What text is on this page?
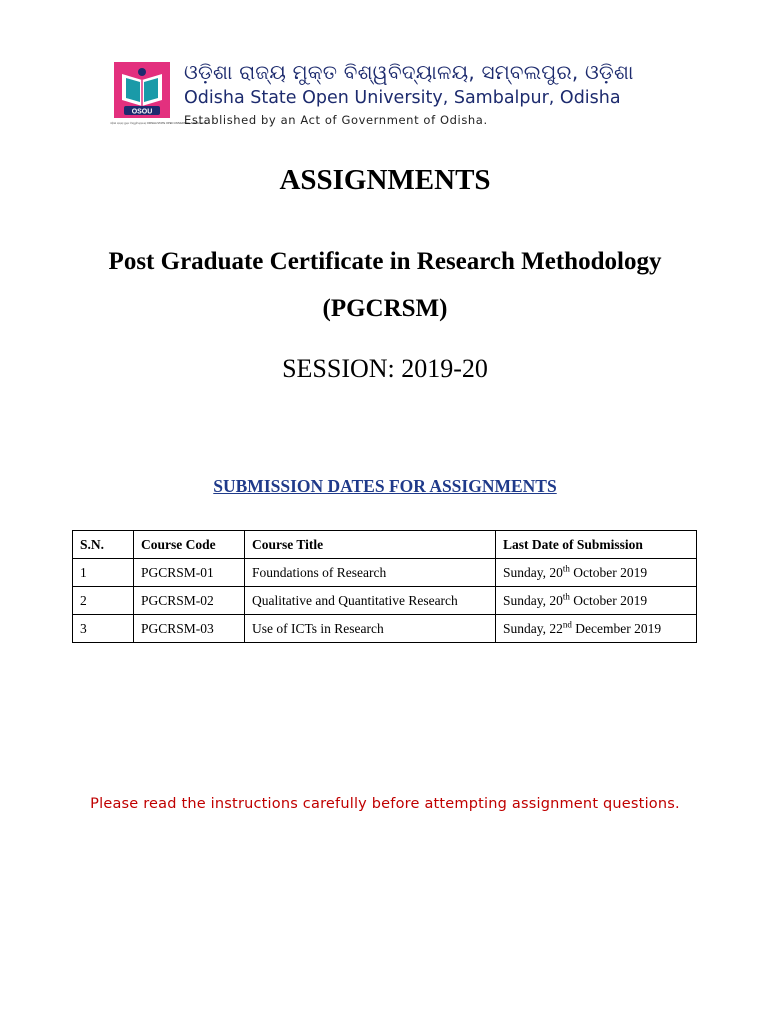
OSOU
ଓଡ଼ିଶା ରାଜ୍ୟ ମୁକ୍ତ ବିଶ୍ୱବିଦ୍ୟାଳୟ ODISHA STATE OPEN UNIVERSITY, SAMBALPUR
ଓଡ଼ିଶା ରାଜ୍ୟ ମୁକ୍ତ ବିଶ୍ୱବିଦ୍ୟାଳୟ, ସମ୍ବଲପୁର, ଓଡ଼ିଶା
Odisha State Open University, Sambalpur, Odisha
Established by an Act of Government of Odisha.
ASSIGNMENTS
Post Graduate Certificate in Research Methodology
(PGCRSM)
SESSION: 2019-20
SUBMISSION DATES FOR ASSIGNMENTS
S.N.	Course Code	Course Title	Last Date of Submission
1	PGCRSM-01	Foundations of Research	Sunday, 20th October 2019
2	PGCRSM-02	Qualitative and Quantitative Research	Sunday, 20th October 2019
3	PGCRSM-03	Use of ICTs in Research	Sunday, 22nd December 2019
Please read the instructions carefully before attempting assignment questions.
